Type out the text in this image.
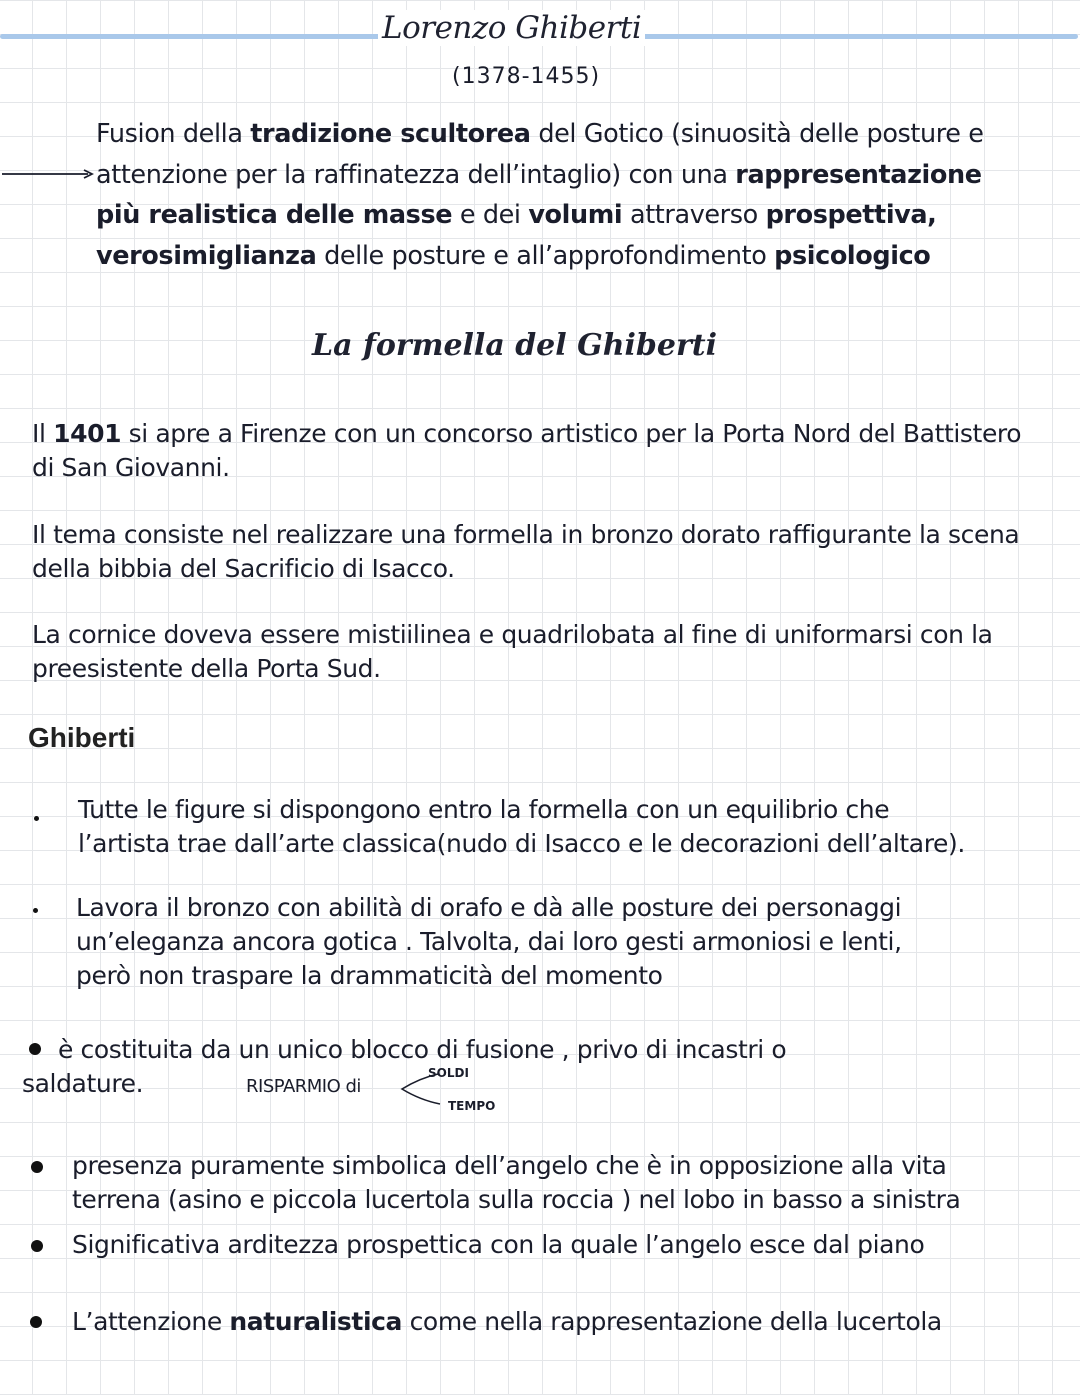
Lorenzo Ghiberti
(1378-1455)
Fusion della tradizione scultorea del Gotico (sinuosità delle posture e
attenzione per la raffinatezza dell’intaglio) con una rappresentazione
più realistica delle masse e dei volumi attraverso prospettiva,
verosimiglianza delle posture e all’approfondimento psicologico
La formella del Ghiberti
Il 1401 si apre a Firenze con un concorso artistico per la Porta Nord del Battistero
di San Giovanni.
Il tema consiste nel realizzare una formella in bronzo dorato raffigurante la scena
della bibbia del Sacrificio di Isacco.
La cornice doveva essere mistiilinea e quadrilobata al fine di uniformarsi con la
preesistente della Porta Sud.
Ghiberti
Tutte le figure si dispongono entro la formella con un equilibrio che
l’artista trae dall’arte classica(nudo di Isacco e le decorazioni dell’altare).
Lavora il bronzo con abilità di orafo e dà alle posture dei personaggi
un’eleganza ancora gotica . Talvolta, dai loro gesti armoniosi e lenti,
però non traspare la drammaticità del momento
è costituita da un unico blocco di fusione , privo di incastri o
saldature.	RISPARMIO di
SOLDI
TEMPO
presenza puramente simbolica dell’angelo che è in opposizione alla vita
terrena (asino e piccola lucertola sulla roccia ) nel lobo in basso a sinistra
Significativa arditezza prospettica con la quale l’angelo esce dal piano
L’attenzione naturalistica come nella rappresentazione della lucertola
